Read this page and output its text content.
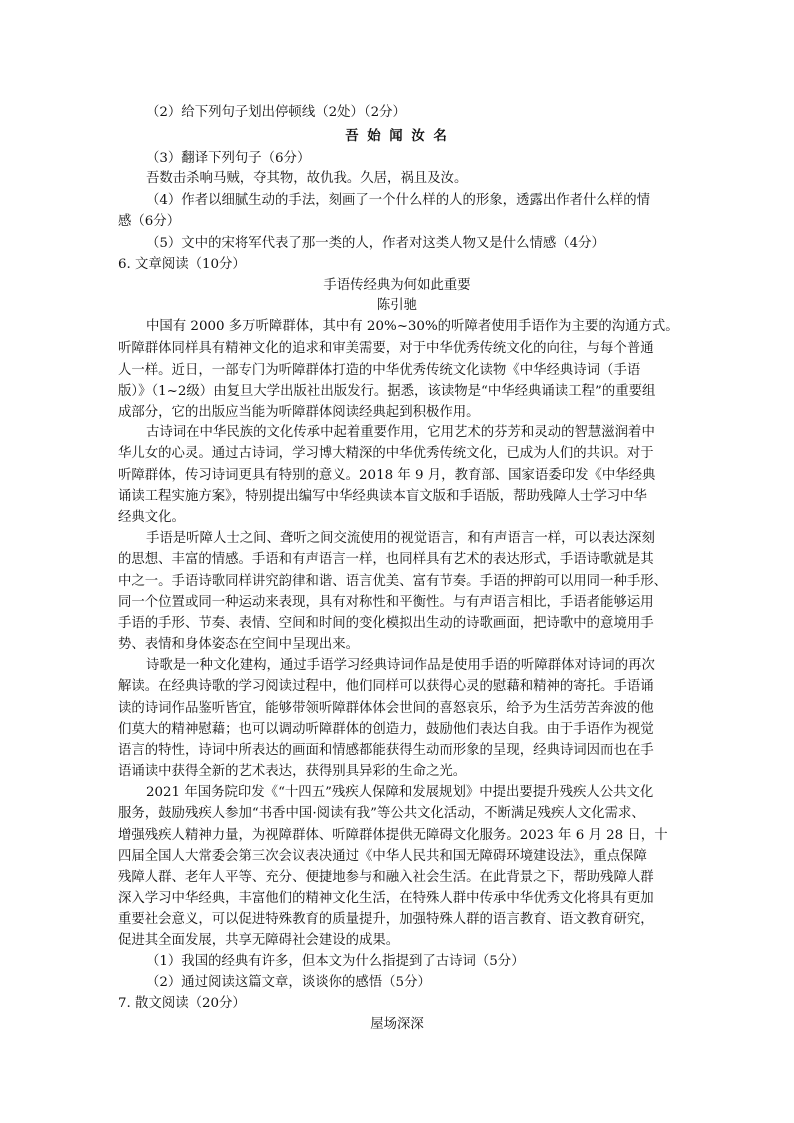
（2）给下列句子划出停顿线（2处）（2分）
吾 始 闻 汝 名
（3）翻译下列句子（6分）
吾数击杀响马贼，夺其物，故仇我。久居，祸且及汝。
（4）作者以细腻生动的手法，刻画了一个什么样的人的形象，透露出作者什么样的情
感（6分）
（5）文中的宋将军代表了那一类的人，作者对这类人物又是什么情感（4分）
6. 文章阅读（10分）
手语传经典为何如此重要
陈引驰
中国有 2000 多万听障群体，其中有 20%~30%的听障者使用手语作为主要的沟通方式。
听障群体同样具有精神文化的追求和审美需要，对于中华优秀传统文化的向往，与每个普通
人一样。近日，一部专门为听障群体打造的中华优秀传统文化读物《中华经典诗词（手语
版）》（1~2级）由复旦大学出版社出版发行。据悉，该读物是“中华经典诵读工程”的重要组
成部分，它的出版应当能为听障群体阅读经典起到积极作用。
古诗词在中华民族的文化传承中起着重要作用，它用艺术的芬芳和灵动的智慧滋润着中
华儿女的心灵。通过古诗词，学习博大精深的中华优秀传统文化，已成为人们的共识。对于
听障群体，传习诗词更具有特别的意义。2018 年 9 月，教育部、国家语委印发《中华经典
诵读工程实施方案》，特别提出编写中华经典读本盲文版和手语版，帮助残障人士学习中华
经典文化。
手语是听障人士之间、聋听之间交流使用的视觉语言，和有声语言一样，可以表达深刻
的思想、丰富的情感。手语和有声语言一样，也同样具有艺术的表达形式，手语诗歌就是其
中之一。手语诗歌同样讲究韵律和谐、语言优美、富有节奏。手语的押韵可以用同一种手形、
同一个位置或同一种运动来表现，具有对称性和平衡性。与有声语言相比，手语者能够运用
手语的手形、节奏、表情、空间和时间的变化模拟出生动的诗歌画面，把诗歌中的意境用手
势、表情和身体姿态在空间中呈现出来。
诗歌是一种文化建构，通过手语学习经典诗词作品是使用手语的听障群体对诗词的再次
解读。在经典诗歌的学习阅读过程中，他们同样可以获得心灵的慰藉和精神的寄托。手语诵
读的诗词作品鉴听皆宜，能够带领听障群体体会世间的喜怒哀乐，给予为生活劳苦奔波的他
们莫大的精神慰藉；也可以调动听障群体的创造力，鼓励他们表达自我。由于手语作为视觉
语言的特性，诗词中所表达的画面和情感都能获得生动而形象的呈现，经典诗词因而也在手
语诵读中获得全新的艺术表达，获得别具异彩的生命之光。
2021 年国务院印发《“十四五”残疾人保障和发展规划》中提出要提升残疾人公共文化
服务，鼓励残疾人参加“书香中国·阅读有我”等公共文化活动，不断满足残疾人文化需求、
增强残疾人精神力量，为视障群体、听障群体提供无障碍文化服务。2023 年 6 月 28 日，十
四届全国人大常委会第三次会议表决通过《中华人民共和国无障碍环境建设法》，重点保障
残障人群、老年人平等、充分、便捷地参与和融入社会生活。在此背景之下，帮助残障人群
深入学习中华经典，丰富他们的精神文化生活，在特殊人群中传承中华优秀文化将具有更加
重要社会意义，可以促进特殊教育的质量提升，加强特殊人群的语言教育、语文教育研究，
促进其全面发展，共享无障碍社会建设的成果。
（1）我国的经典有许多，但本文为什么指提到了古诗词（5分）
（2）通过阅读这篇文章，谈谈你的感悟（5分）
7. 散文阅读（20分）
屋场深深
